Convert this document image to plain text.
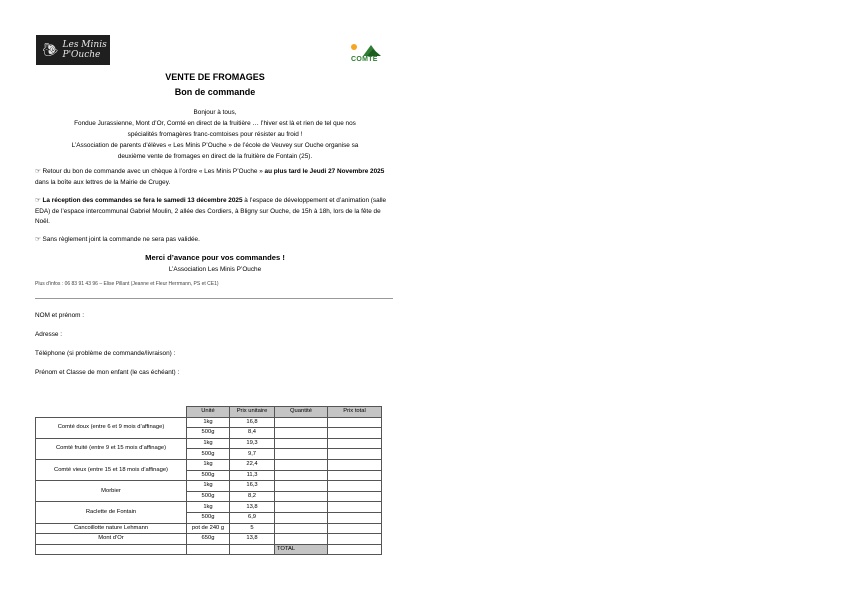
🐌︎ Les Minis P'Ouche	COMTÉ
VENTE DE FROMAGES
Bon de commande
Bonjour à tous,
Fondue Jurassienne, Mont d’Or, Comté en direct de la fruitière … l’hiver est là et rien de tel que nos
spécialités fromagères franc-comtoises pour résister au froid !
L’Association de parents d’élèves « Les Minis P’Ouche » de l’école de Veuvey sur Ouche organise sa
deuxième vente de fromages en direct de la fruitière de Fontain (25).
☞ Retour du bon de commande avec un chèque à l’ordre « Les Minis P’Ouche » au plus tard le Jeudi 27 Novembre 2025 dans la boîte aux lettres de la Mairie de Crugey.
☞ La réception des commandes se fera le samedi 13 décembre 2025 à l’espace de développement et d’animation (salle EDA) de l’espace intercommunal Gabriel Moulin, 2 allée des Cordiers, à Bligny sur Ouche, de 15h à 18h, lors de la fête de Noël.
☞ Sans règlement joint la commande ne sera pas validée.
Merci d’avance pour vos commandes !
L’Association Les Minis P’Ouche
Plus d'infos : 06 83 91 43 96 – Elise Pillant (Jeanne et Fleur Herrmann, PS et CE1)
NOM et prénom :
Adresse :
Téléphone (si problème de commande/livraison) :
Prénom et Classe de mon enfant (le cas échéant) :
	Unité	Prix unitaire	Quantité	Prix total
Comté doux (entre 6 et 9 mois d’affinage)	1kg	16,8		
	500g	8,4		
Comté fruité (entre 9 et 15 mois d’affinage)	1kg	19,3		
	500g	9,7		
Comté vieux (entre 15 et 18 mois d’affinage)	1kg	22,4		
	500g	11,3		
Morbier	1kg	16,3		
	500g	8,2		
Raclette de Fontain	1kg	13,8		
	500g	6,9		
Cancoillotte nature Lehmann	pot de 240 g	5		
Mont d’Or	650g	13,8		
			TOTAL	
